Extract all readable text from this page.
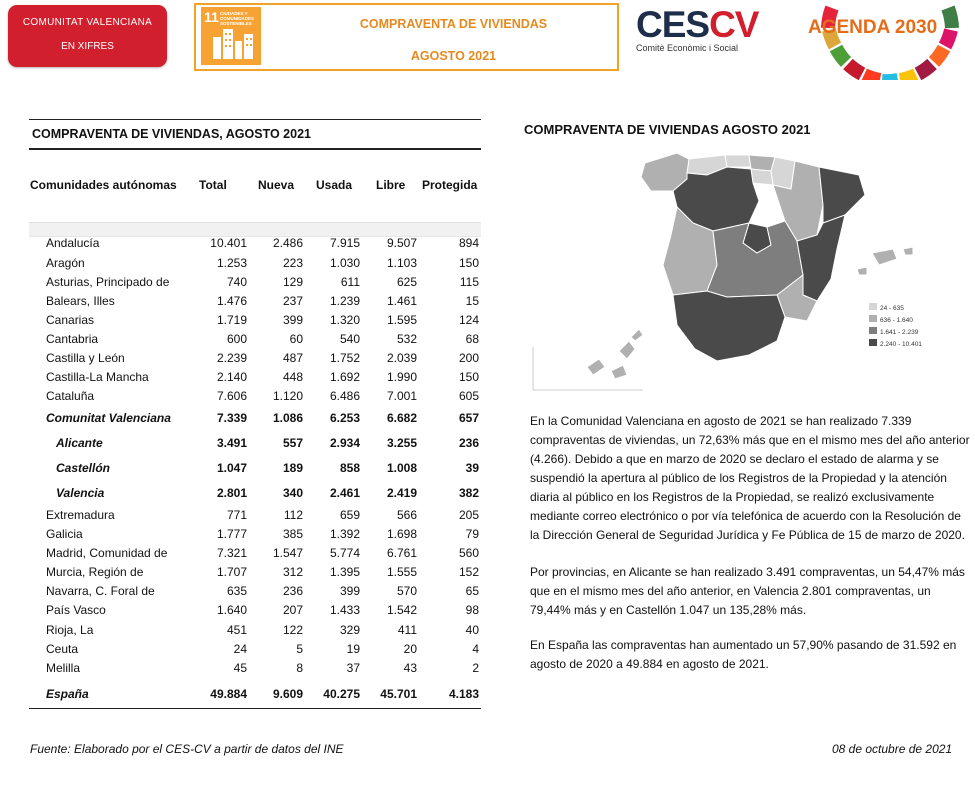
COMUNITAT VALENCIANA
EN XIFRES
11 CIUDADES Y COMUNIDADES SOSTENIBLES	COMPRAVENTA DE VIVIENDAS
AGOSTO 2021
CESCV
Comitè Econòmic i Social
AGENDA 2030
COMPRAVENTA DE VIVIENDAS, AGOSTO 2021
Comunidades autónomas Total	Nueva Usada Libre Protegida
Andalucía	10.401 2.486 7.915 9.507	894
Aragón	1.253	223 1.030 1.103	150
Asturias, Principado de	740	129	611	625	115
Balears, Illes	1.476	237 1.239 1.461	15
Canarias	1.719	399 1.320 1.595	124
Cantabria	600	60	540	532	68
Castilla y León	2.239	487 1.752 2.039	200
Castilla-La Mancha	2.140	448 1.692 1.990	150
Cataluña	7.606 1.120 6.486 7.001	605
Comunitat Valenciana	7.339 1.086 6.253 6.682	657
Alicante	3.491	557 2.934 3.255	236
Castellón	1.047	189	858 1.008	39
Valencia	2.801	340 2.461 2.419	382
Extremadura	771	112	659	566	205
Galicia	1.777	385 1.392 1.698	79
Madrid, Comunidad de	7.321 1.547 5.774 6.761	560
Murcia, Región de	1.707	312 1.395 1.555	152
Navarra, C. Foral de	635	236	399	570	65
País Vasco	1.640	207 1.433 1.542	98
Rioja, La	451	122	329	411	40
Ceuta	24	5	19	20	4
Melilla	45	8	37	43	2
España	49.884 9.609 40.275 45.701	4.183
COMPRAVENTA DE VIVIENDAS AGOSTO 2021
24 - 635
636 - 1.640
1.641 - 2.239
2.240 - 10.401
En la Comunidad Valenciana en agosto de 2021 se han realizado 7.339
compraventas de viviendas, un 72,63% más que en el mismo mes del año anterior
(4.266). Debido a que en marzo de 2020 se declaro el estado de alarma y se
suspendió la apertura al público de los Registros de la Propiedad y la atención
diaria al público en los Registros de la Propiedad, se realizó exclusivamente
mediante correo electrónico o por vía telefónica de acuerdo con la Resolución de
la Dirección General de Seguridad Jurídica y Fe Pública de 15 de marzo de 2020.
Por provincias, en Alicante se han realizado 3.491 compraventas, un 54,47% más
que en el mismo mes del año anterior, en Valencia 2.801 compraventas, un
79,44% más y en Castellón 1.047 un 135,28% más.
En España las compraventas han aumentado un 57,90% pasando de 31.592 en
agosto de 2020 a 49.884 en agosto de 2021.
Fuente: Elaborado por el CES-CV a partir de datos del INE	08 de octubre de 2021
